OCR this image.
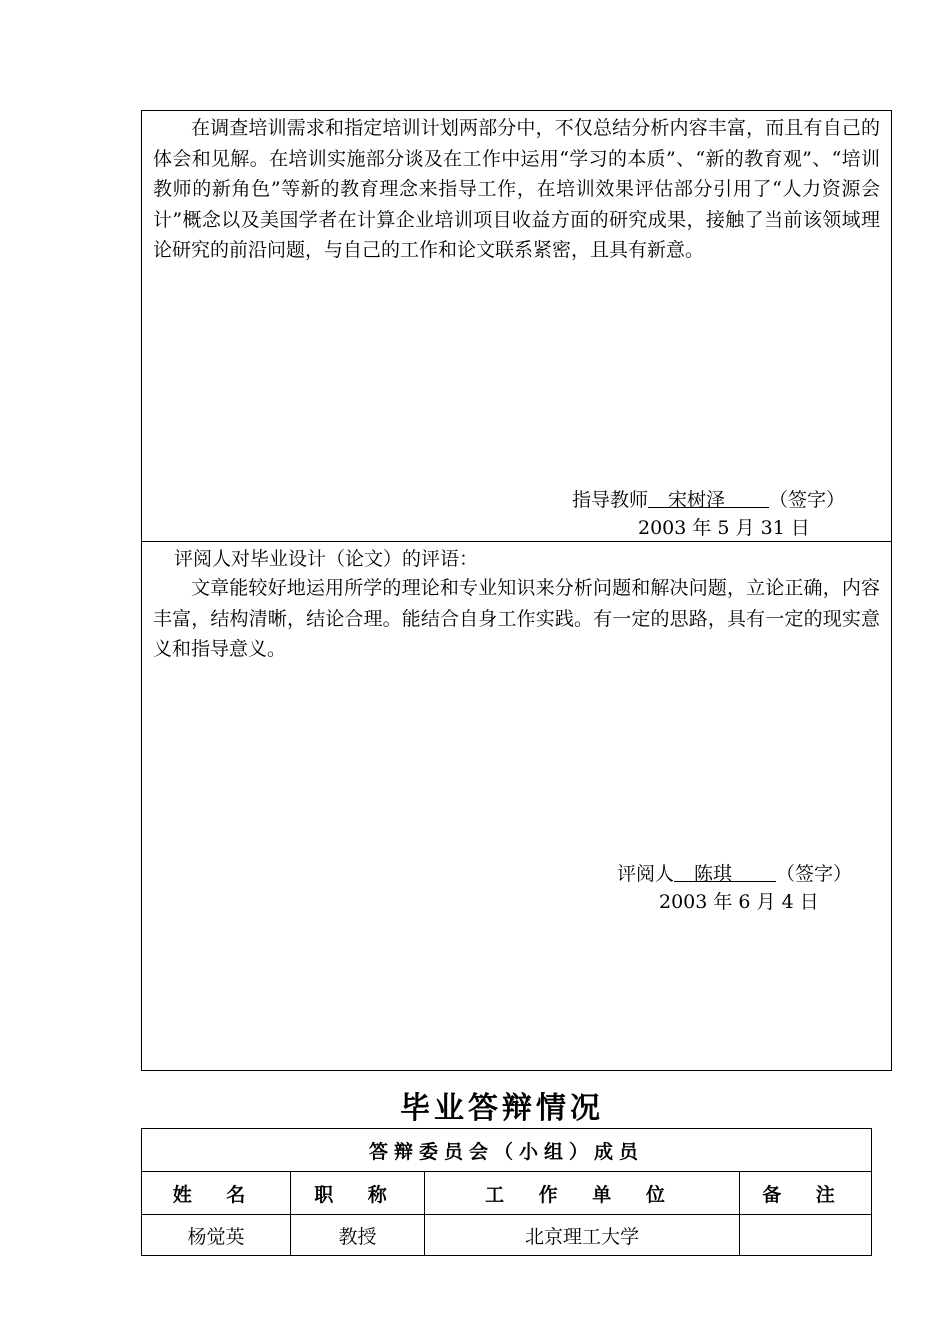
在调查培训需求和指定培训计划两部分中，不仅总结分析内容丰富，而且有自己的体会和见解。在培训实施部分谈及在工作中运用“学习的本质”、“新的教育观”、“培训教师的新角色”等新的教育理念来指导工作，在培训效果评估部分引用了“人力资源会计”概念以及美国学者在计算企业培训项目收益方面的研究成果，接触了当前该领域理论研究的前沿问题，与自己的工作和论文联系紧密，且具有新意。

指导教师 宋树泽 （签字）
2003 年 5 月 31 日
评阅人对毕业设计（论文）的评语：

文章能较好地运用所学的理论和专业知识来分析问题和解决问题，立论正确，内容丰富，结构清晰，结论合理。能结合自身工作实践。有一定的思路，具有一定的现实意义和指导意义。

评阅人 陈琪 （签字）
2003 年 6 月 4 日
毕业答辩情况
答辩委员会（小组）成员			
姓 名	职 称	工 作 单 位	备 注
杨觉英	教授	北京理工大学	
